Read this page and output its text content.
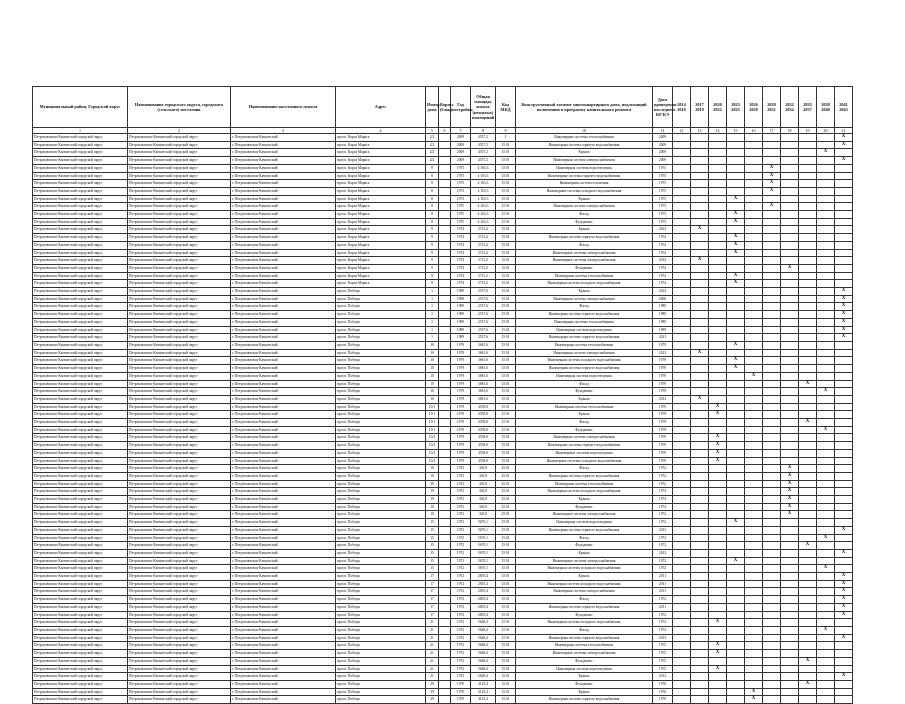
Муниципальный район, Городской округ	Наименование городского округа, городского (сельского) поселения	Наименование населенного пункта	Адрес	Номер дома	Корпус (блок)	Год постройки	Общая площадь жилых (нежилых) помещений	Код МКД	Конструктивный элемент многоквартирного дома, подлежащий включению в программу капитального ремонта	Дата проведения последнего КР КЭ	2014 2016	2017 2019	2020 2022	2023 2025	2026 2028	2029 2031	2032 2034	2035 2037	2038 2040	2041 2043
1	2	3	4	5	6	7	8	9	10	11	12	13	14	15	16	17	18	19	20	21
Петропавловск-Камчатский городской округ	Петропавловск-Камчатский городской округ	г. Петропавловск-Камчатский	просп. Карла Маркса	2/2		2009	4557,2	1	Инженерные системы теплоснабжения	2009										X
Петропавловск-Камчатский городской округ	Петропавловск-Камчатский городской округ	г. Петропавловск-Камчатский	просп. Карла Маркса	2/2		2009	4557,2	15.01	Инженерная система горячего водоснабжения	2009										X
Петропавловск-Камчатский городской округ	Петропавловск-Камчатский городской округ	г. Петропавловск-Камчатский	просп. Карла Маркса	2/2		2009	4557,2	15.01	Крыша	2009									X	
Петропавловск-Камчатский городской округ	Петропавловск-Камчатский городской округ	г. Петропавловск-Камчатский	просп. Карла Маркса	2/2		2009	4557,2	15.01	Инженерная система электроснабжения	2009										X
Петропавловск-Камчатский городской округ	Петропавловск-Камчатский городской округ	г. Петропавловск-Камчатский	просп. Карла Маркса	8		1975	4 163,3	15.01	Инженерная система водоотведения	1975						X				
Петропавловск-Камчатский городской округ	Петропавловск-Камчатский городской округ	г. Петропавловск-Камчатский	просп. Карла Маркса	8		1975	4 163,3	15.01	Инженерные системы горячего водоснабжения	1975						X				
Петропавловск-Камчатский городской округ	Петропавловск-Камчатский городской округ	г. Петропавловск-Камчатский	просп. Карла Маркса	8		1975	4 163,3	15.01	Инженерная система отопления	1975						X				
Петропавловск-Камчатский городской округ	Петропавловск-Камчатский городской округ	г. Петропавловск-Камчатский	просп. Карла Маркса	8		1975	4 163,3	15.01	Инженерные системы холодного водоснабжения	1975						X				
Петропавловск-Камчатский городской округ	Петропавловск-Камчатский городской округ	г. Петропавловск-Камчатский	просп. Карла Маркса	8		1975	4 163,3	15.01	Крыша	1975				X						
Петропавловск-Камчатский городской округ	Петропавловск-Камчатский городской округ	г. Петропавловск-Камчатский	просп. Карла Маркса	8		1975	4 163,3	15.01	Инженерная система электроснабжения	1975						X				
Петропавловск-Камчатский городской округ	Петропавловск-Камчатский городской округ	г. Петропавловск-Камчатский	просп. Карла Маркса	8		1975	4 163,3	15.01	Фасад	1975				X						
Петропавловск-Камчатский городской округ	Петропавловск-Камчатский городской округ	г. Петропавловск-Камчатский	просп. Карла Маркса	8		1975	4 163,3	15.01	Фундамент	1975				X						
Петропавловск-Камчатский городской округ	Петропавловск-Камчатский городской округ	г. Петропавловск-Камчатский	просп. Карла Маркса	9		1974	3713,2	15.01	Крыша	2013		X								
Петропавловск-Камчатский городской округ	Петропавловск-Камчатский городской округ	г. Петропавловск-Камчатский	просп. Карла Маркса	9		1974	3713,2	15.01	Инженерная система горячего водоснабжения	1974				X						
Петропавловск-Камчатский городской округ	Петропавловск-Камчатский городской округ	г. Петропавловск-Камчатский	просп. Карла Маркса	9		1974	3713,2	15.01	Фасад	1974				X						
Петропавловск-Камчатский городской округ	Петропавловск-Камчатский городской округ	г. Петропавловск-Камчатский	просп. Карла Маркса	9		1974	3713,2	15.01	Инженерные системы электроснабжения	1974				X						
Петропавловск-Камчатский городской округ	Петропавловск-Камчатский городской округ	г. Петропавловск-Камчатский	просп. Карла Маркса	9		1974	3713,2	15.01	Инженерные системы электроснабжения	2013		X								
Петропавловск-Камчатский городской округ	Петропавловск-Камчатский городской округ	г. Петропавловск-Камчатский	просп. Карла Маркса	9		1974	3713,2	15.01	Фундамент	1974							X			
Петропавловск-Камчатский городской округ	Петропавловск-Камчатский городской округ	г. Петропавловск-Камчатский	просп. Карла Маркса	9		1974	3713,2	15.01	Инженерная система теплоснабжения	1974				X						
Петропавловск-Камчатский городской округ	Петропавловск-Камчатский городской округ	г. Петропавловск-Камчатский	просп. Карла Маркса	9		1974	3713,2	15.01	Инженерная система холодного водоснабжения	1974				X						
Петропавловск-Камчатский городской округ	Петропавловск-Камчатский городской округ	г. Петропавловск-Камчатский	просп. Победы	1		1989	2537,6	15.01	Крыша	2012										X
Петропавловск-Камчатский городской округ	Петропавловск-Камчатский городской округ	г. Петропавловск-Камчатский	просп. Победы	1		1989	2537,6	15.01	Инженерная система электроснабжения	2006										X
Петропавловск-Камчатский городской округ	Петропавловск-Камчатский городской округ	г. Петропавловск-Камчатский	просп. Победы	1		1989	2537,6	15.01	Фасад	1989										X
Петропавловск-Камчатский городской округ	Петропавловск-Камчатский городской округ	г. Петропавловск-Камчатский	просп. Победы	1		1989	2537,6	15.01	Инженерная система горячего водоснабжения	1989										X
Петропавловск-Камчатский городской округ	Петропавловск-Камчатский городской округ	г. Петропавловск-Камчатский	просп. Победы	1		1989	2537,6	15.01	Инженерные системы теплоснабжения	1989										X
Петропавловск-Камчатский городской округ	Петропавловск-Камчатский городской округ	г. Петропавловск-Камчатский	просп. Победы	1		1989	2537,6	15.01	Инженерная система водоотведения	1989										X
Петропавловск-Камчатский городской округ	Петропавловск-Камчатский городской округ	г. Петропавловск-Камчатский	просп. Победы	1		1989	2537,6	15.01	Инженерная система горячего водоснабжения	2011										X
Петропавловск-Камчатский городской округ	Петропавловск-Камчатский городской округ	г. Петропавловск-Камчатский	просп. Победы	10		1979	3681,6	15.01	Инженерная система теплоснабжения	1979				X						
Петропавловск-Камчатский городской округ	Петропавловск-Камчатский городской округ	г. Петропавловск-Камчатский	просп. Победы	10		1979	3681,6	15.01	Инженерная система электроснабжения	2013		X								
Петропавловск-Камчатский городской округ	Петропавловск-Камчатский городской округ	г. Петропавловск-Камчатский	просп. Победы	10		1979	3681,6	15.01	Инженерная система холодного водоснабжения	1979				X						
Петропавловск-Камчатский городской округ	Петропавловск-Камчатский городской округ	г. Петропавловск-Камчатский	просп. Победы	10		1979	3681,6	15.01	Инженерная система горячего водоснабжения	1979				X						
Петропавловск-Камчатский городской округ	Петропавловск-Камчатский городской округ	г. Петропавловск-Камчатский	просп. Победы	10		1979	3681,6	15.01	Инженерная система водоотведения	1979					X					
Петропавловск-Камчатский городской округ	Петропавловск-Камчатский городской округ	г. Петропавловск-Камчатский	просп. Победы	10		1979	3681,6	15.01	Фасад	1979								X		
Петропавловск-Камчатский городской округ	Петропавловск-Камчатский городской округ	г. Петропавловск-Камчатский	просп. Победы	10		1979	3681,6	15.01	Фундамент	1979									X	
Петропавловск-Камчатский городской округ	Петропавловск-Камчатский городской округ	г. Петропавловск-Камчатский	просп. Победы	10		1979	3681,6	15.01	Крыша	2013		X								
Петропавловск-Камчатский городской округ	Петропавловск-Камчатский городской округ	г. Петропавловск-Камчатский	просп. Победы	10/1		1979	4558,8	15.01	Инженерная система теплоснабжения	1979			X							
Петропавловск-Камчатский городской округ	Петропавловск-Камчатский городской округ	г. Петропавловск-Камчатский	просп. Победы	10/1		1979	4558,8	15.01	Крыша	1979			X							
Петропавловск-Камчатский городской округ	Петропавловск-Камчатский городской округ	г. Петропавловск-Камчатский	просп. Победы	10/1		1979	4558,8	15.01	Фасад	1979								X		
Петропавловск-Камчатский городской округ	Петропавловск-Камчатский городской округ	г. Петропавловск-Камчатский	просп. Победы	10/1		1979	4558,8	15.01	Фундамент	1979									X	
Петропавловск-Камчатский городской округ	Петропавловск-Камчатский городской округ	г. Петропавловск-Камчатский	просп. Победы	10/1		1979	4558,8	15.01	Инженерная система электроснабжения	1979			X							
Петропавловск-Камчатский городской округ	Петропавловск-Камчатский городской округ	г. Петропавловск-Камчатский	просп. Победы	10/1		1979	4558,8	15.01	Инженерные системы горячего водоснабжения	1979			X							
Петропавловск-Камчатский городской округ	Петропавловск-Камчатский городской округ	г. Петропавловск-Камчатский	просп. Победы	10/1		1979	4558,8	15.01	Инженерные системы водоотведения	1979			X							
Петропавловск-Камчатский городской округ	Петропавловск-Камчатский городской округ	г. Петропавловск-Камчатский	просп. Победы	10/1		1979	4558,8	15.01	Инженерные системы холодного водоснабжения	1979			X							
Петропавловск-Камчатский городской округ	Петропавловск-Камчатский городской округ	г. Петропавловск-Камчатский	просп. Победы	10		1972	345,8	25.01	Фасад	1972							X			
Петропавловск-Камчатский городской округ	Петропавловск-Камчатский городской округ	г. Петропавловск-Камчатский	просп. Победы	10		1972	345,8	25.01	Инженерная система горячего водоснабжения	1972							X			
Петропавловск-Камчатский городской округ	Петропавловск-Камчатский городской округ	г. Петропавловск-Камчатский	просп. Победы	10		1972	345,8	25.01	Инженерная система теплоснабжения	1972							X			
Петропавловск-Камчатский городской округ	Петропавловск-Камчатский городской округ	г. Петропавловск-Камчатский	просп. Победы	10		1972	345,8	25.01	Инженерная система холодного водоснабжения	1972							X			
Петропавловск-Камчатский городской округ	Петропавловск-Камчатский городской округ	г. Петропавловск-Камчатский	просп. Победы	10		1972	345,8	25.01	Крыша	1972							X			
Петропавловск-Камчатский городской округ	Петропавловск-Камчатский городской округ	г. Петропавловск-Камчатский	просп. Победы	10		1972	345,8	25.01	Фундамент	1972							X			
Петропавловск-Камчатский городской округ	Петропавловск-Камчатский городской округ	г. Петропавловск-Камчатский	просп. Победы	10		1972	345,8	25.01	Инженерные системы электроснабжения	1972							X			
Петропавловск-Камчатский городской округ	Петропавловск-Камчатский городской округ	г. Петропавловск-Камчатский	просп. Победы	15		1972	5670,1	15.01	Инженерная система водоотведения	1972				X						
Петропавловск-Камчатский городской округ	Петропавловск-Камчатский городской округ	г. Петропавловск-Камчатский	просп. Победы	15		1972	5670,1	15.01	Инженерная система горячего водоснабжения	2013										X
Петропавловск-Камчатский городской округ	Петропавловск-Камчатский городской округ	г. Петропавловск-Камчатский	просп. Победы	15		1972	5670,1	15.01	Фасад	1972									X	
Петропавловск-Камчатский городской округ	Петропавловск-Камчатский городской округ	г. Петропавловск-Камчатский	просп. Победы	15		1972	5670,1	15.01	Фундамент	1972								X		
Петропавловск-Камчатский городской округ	Петропавловск-Камчатский городской округ	г. Петропавловск-Камчатский	просп. Победы	15		1972	5670,1	15.01	Крыша	2012										X
Петропавловск-Камчатский городской округ	Петропавловск-Камчатский городской округ	г. Петропавловск-Камчатский	просп. Победы	15		1972	5670,1	15.01	Инженерные системы электроснабжения	1972				X						
Петропавловск-Камчатский городской округ	Петропавловск-Камчатский городской округ	г. Петропавловск-Камчатский	просп. Победы	15		1972	5670,1	15.01	Инженерная система холодного водоснабжения	1972									X	
Петропавловск-Камчатский городской округ	Петропавловск-Камчатский городской округ	г. Петропавловск-Камчатский	просп. Победы	17		1972	2855,4	15.01	Крыша	2011										X
Петропавловск-Камчатский городской округ	Петропавловск-Камчатский городской округ	г. Петропавловск-Камчатский	просп. Победы	17		1972	2855,4	15.01	Инженерная система холодного водоснабжения	2011										X
Петропавловск-Камчатский городской округ	Петропавловск-Камчатский городской округ	г. Петропавловск-Камчатский	просп. Победы	17		1972	2855,4	15.01	Инженерная система электроснабжения	2011										X
Петропавловск-Камчатский городской округ	Петропавловск-Камчатский городской округ	г. Петропавловск-Камчатский	просп. Победы	17		1972	2855,4	15.01	Фасад	1972										X
Петропавловск-Камчатский городской округ	Петропавловск-Камчатский городской округ	г. Петропавловск-Камчатский	просп. Победы	17		1972	2855,4	15.01	Инженерная система горячего водоснабжения	2011										X
Петропавловск-Камчатский городской округ	Петропавловск-Камчатский городской округ	г. Петропавловск-Камчатский	просп. Победы	17		1972	2855,4	15.01	Фундамент	1972										X
Петропавловск-Камчатский городской округ	Петропавловск-Камчатский городской округ	г. Петропавловск-Камчатский	просп. Победы	21		1972	5648,4	15.01	Инженерная система холодного водоснабжения	1972			X							
Петропавловск-Камчатский городской округ	Петропавловск-Камчатский городской округ	г. Петропавловск-Камчатский	просп. Победы	21		1972	5648,4	15.01	Фасад	1972									X	
Петропавловск-Камчатский городской округ	Петропавловск-Камчатский городской округ	г. Петропавловск-Камчатский	просп. Победы	21		1972	5648,4	15.01	Инженерная система горячего водоснабжения	2013										X
Петропавловск-Камчатский городской округ	Петропавловск-Камчатский городской округ	г. Петропавловск-Камчатский	просп. Победы	21		1972	5648,4	15.01	Инженерная система теплоснабжения	1972			X							
Петропавловск-Камчатский городской округ	Петропавловск-Камчатский городской округ	г. Петропавловск-Камчатский	просп. Победы	21		1972	5648,4	15.01	Инженерные системы электроснабжения	1972			X							
Петропавловск-Камчатский городской округ	Петропавловск-Камчатский городской округ	г. Петропавловск-Камчатский	просп. Победы	21		1972	5648,4	15.01	Фундамент	1972								X		
Петропавловск-Камчатский городской округ	Петропавловск-Камчатский городской округ	г. Петропавловск-Камчатский	просп. Победы	21		1972	5648,4	15.01	Инженерная система водоотведения	1972			X							
Петропавловск-Камчатский городской округ	Петропавловск-Камчатский городской округ	г. Петропавловск-Камчатский	просп. Победы	21		1972	5648,4	15.01	Крыша	2012										X
Петропавловск-Камчатский городской округ	Петропавловск-Камчатский городской округ	г. Петропавловск-Камчатский	просп. Победы	29		1970	4125,4	15.01	Фундамент	1970								X		
Петропавловск-Камчатский городской округ	Петропавловск-Камчатский городской округ	г. Петропавловск-Камчатский	просп. Победы	29		1970	4125,4	15.01	Крыша	1970					X					
Петропавловск-Камчатский городской округ	Петропавловск-Камчатский городской округ	г. Петропавловск-Камчатский	просп. Победы	29		1970	4125,4	15.01	Инженерная система горячего водоснабжения	1970					X					
